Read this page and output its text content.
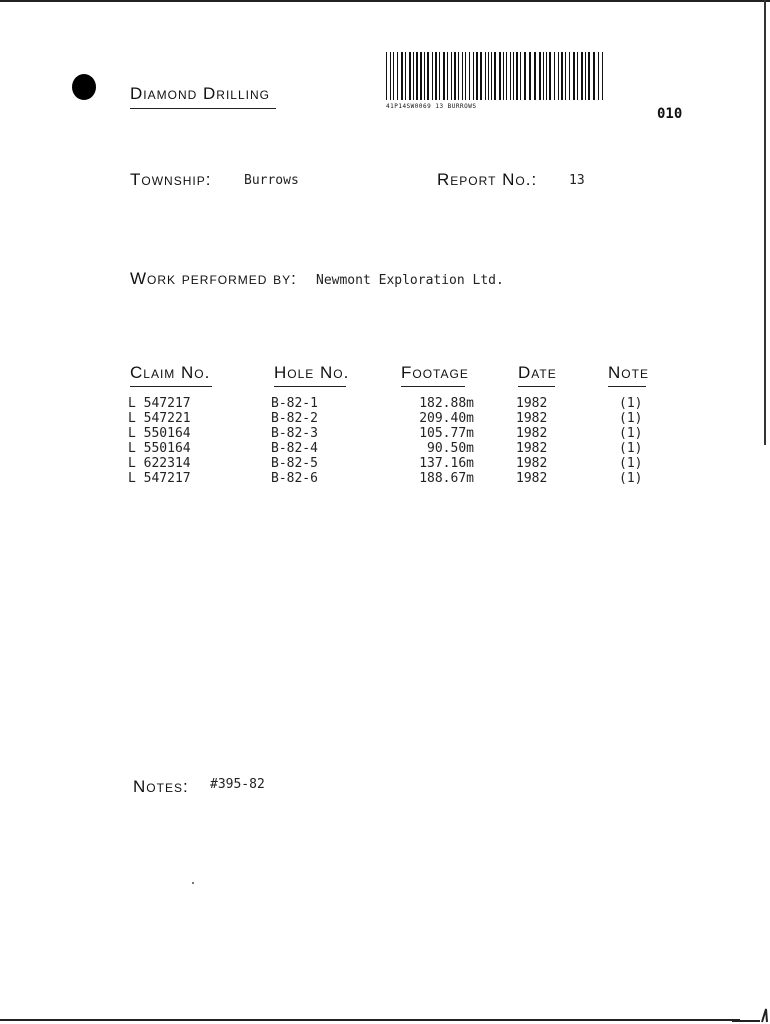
Diamond Drilling
41P14SW0069 13 BURROWS	010
Township:	Burrows	Report No.: 13
Work performed by: Newmont Exploration Ltd.
Claim No.	Hole No.	Footage	Date	Note
L 547217	B-82-1	182.88m	1982	(1)
L 547221	B-82-2	209.40m	1982	(1)
L 550164	B-82-3	105.77m	1982	(1)
L 550164	B-82-4	90.50m	1982	(1)
L 622314	B-82-5	137.16m	1982	(1)
L 547217	B-82-6	188.67m	1982	(1)
Notes: #395-82
